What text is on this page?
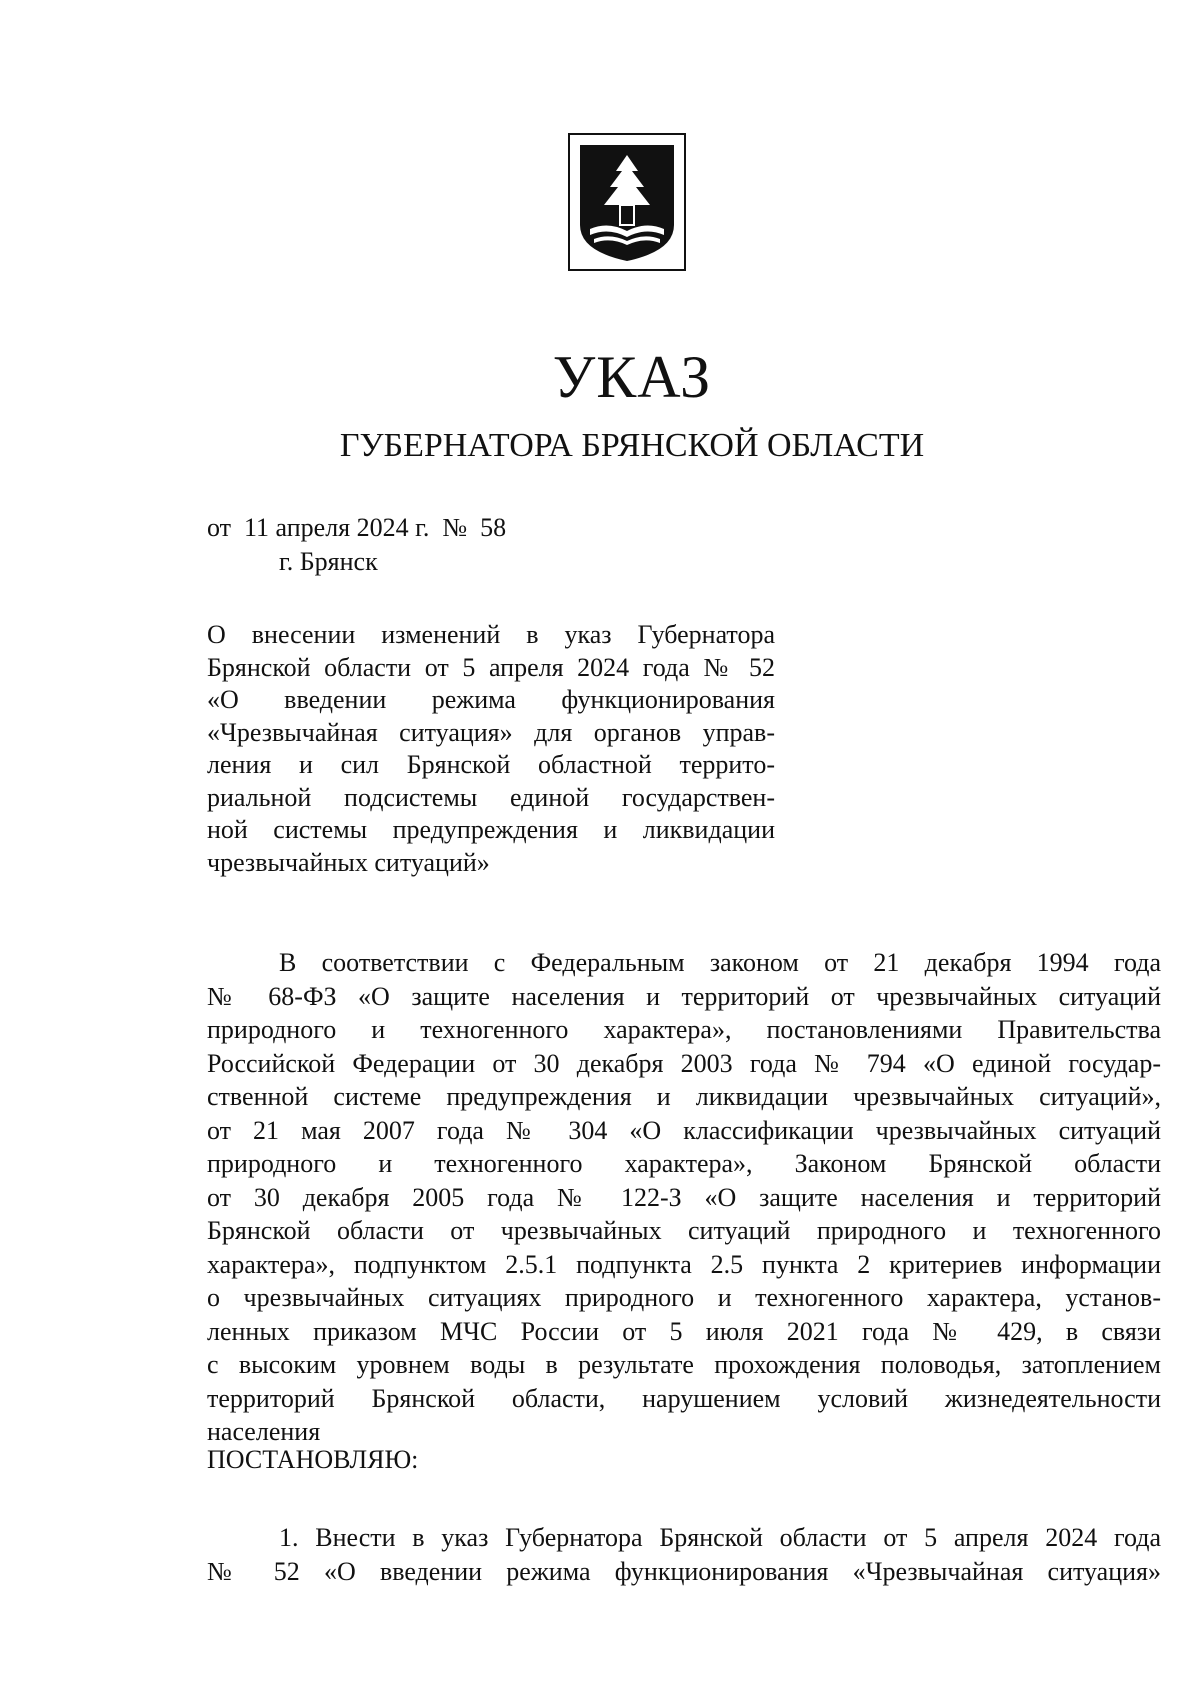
УКАЗ
ГУБЕРНАТОРА БРЯНСКОЙ ОБЛАСТИ
от  11 апреля 2024 г.  №  58
г. Брянск
О внесении изменений в указ Губернатора
Брянской области от 5 апреля 2024 года № 52
«О введении режима функционирования
«Чрезвычайная ситуация» для органов управ-
ления и сил Брянской областной террито-
риальной подсистемы единой государствен-
ной системы предупреждения и ликвидации
чрезвычайных ситуаций»
В соответствии с Федеральным законом от 21 декабря 1994 года
№ 68-ФЗ «О защите населения и территорий от чрезвычайных ситуаций
природного и техногенного характера», постановлениями Правительства
Российской Федерации от 30 декабря 2003 года № 794 «О единой государ-
ственной системе предупреждения и ликвидации чрезвычайных ситуаций»,
от 21 мая 2007 года № 304 «О классификации чрезвычайных ситуаций
природного и техногенного характера», Законом Брянской области
от 30 декабря 2005 года № 122-З «О защите населения и территорий
Брянской области от чрезвычайных ситуаций природного и техногенного
характера», подпунктом 2.5.1 подпункта 2.5 пункта 2 критериев информации
о чрезвычайных ситуациях природного и техногенного характера, установ-
ленных приказом МЧС России от 5 июля 2021 года № 429, в связи
с высоким уровнем воды в результате прохождения половодья, затоплением
территорий Брянской области, нарушением условий жизнедеятельности
населения
ПОСТАНОВЛЯЮ:
1. Внести в указ Губернатора Брянской области от 5 апреля 2024 года
№ 52 «О введении режима функционирования «Чрезвычайная ситуация»
